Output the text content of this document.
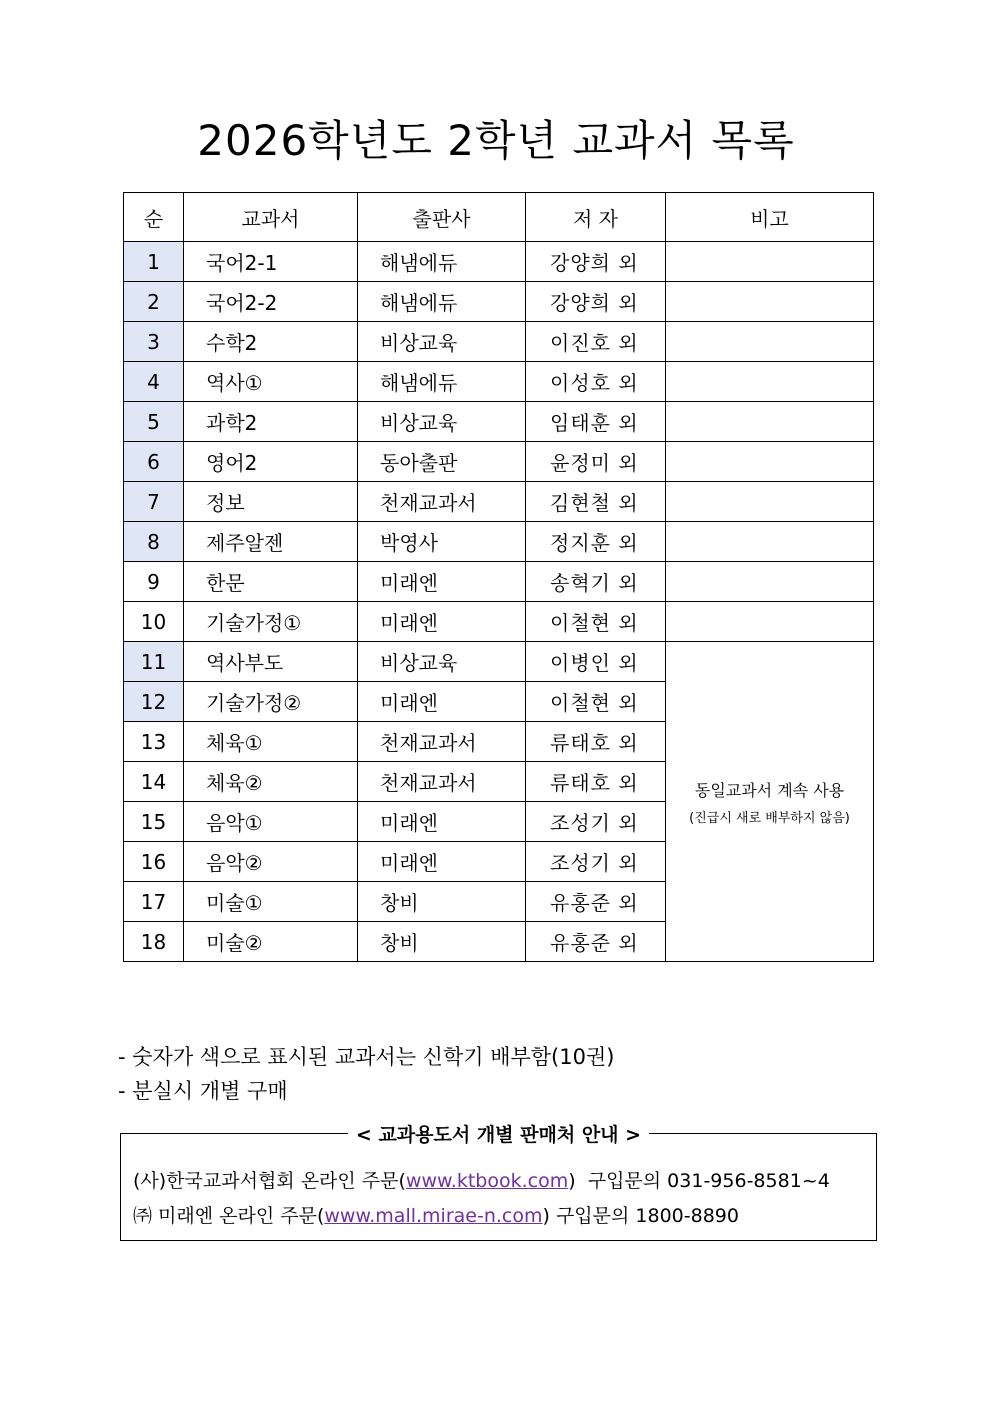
2026학년도 2학년 교과서 목록
순	교과서	출판사	저 자	비고
1	국어2-1	해냄에듀	강양희 외	
2	국어2-2	해냄에듀	강양희 외	
3	수학2	비상교육	이진호 외	
4	역사①	해냄에듀	이성호 외	
5	과학2	비상교육	임태훈 외	
6	영어2	동아출판	윤정미 외	
7	정보	천재교과서	김현철 외	
8	제주알젠	박영사	정지훈 외	
9	한문	미래엔	송혁기 외	
10	기술가정①	미래엔	이철현 외	
11	역사부도	비상교육	이병인 외	동일교과서 계속 사용
(진급시 새로 배부하지 않음)

12	기술가정②	미래엔	이철현 외	
13	체육①	천재교과서	류태호 외	
14	체육②	천재교과서	류태호 외	
15	음악①	미래엔	조성기 외	
16	음악②	미래엔	조성기 외	
17	미술①	창비	유홍준 외	
18	미술②	창비	유홍준 외	
- 숫자가 색으로 표시된 교과서는 신학기 배부함(10권)
- 분실시 개별 구매
< 교과용도서 개별 판매처 안내 >
(사)한국교과서협회 온라인 주문(www.ktbook.com)  구입문의 031-956-8581~4
㈜ 미래엔 온라인 주문(www.mall.mirae-n.com) 구입문의 1800-8890
